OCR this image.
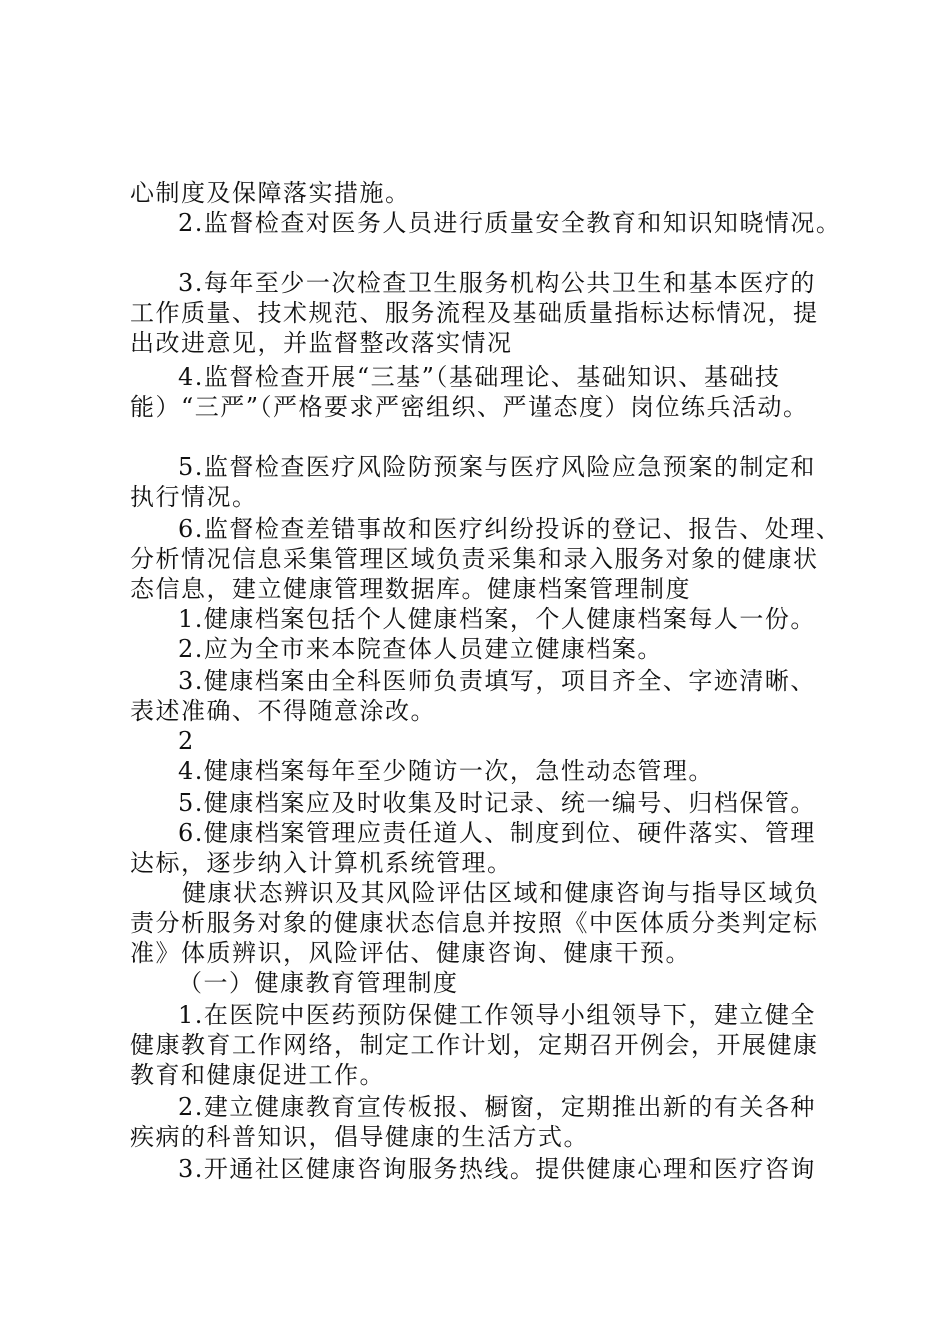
心制度及保障落实措施。
2.监督检查对医务人员进行质量安全教育和知识知晓情况。
3.每年至少一次检查卫生服务机构公共卫生和基本医疗的
工作质量、技术规范、服务流程及基础质量指标达标情况，提
出改进意见，并监督整改落实情况
4.监督检查开展“三基”（基础理论、基础知识、基础技
能）“三严”（严格要求严密组织、严谨态度）岗位练兵活动。
5.监督检查医疗风险防预案与医疗风险应急预案的制定和
执行情况。
6.监督检查差错事故和医疗纠纷投诉的登记、报告、处理、
分析情况信息采集管理区域负责采集和录入服务对象的健康状
态信息，建立健康管理数据库。健康档案管理制度
1.健康档案包括个人健康档案，个人健康档案每人一份。
2.应为全市来本院查体人员建立健康档案。
3.健康档案由全科医师负责填写，项目齐全、字迹清晰、
表述准确、不得随意涂改。
2
4.健康档案每年至少随访一次，急性动态管理。
5.健康档案应及时收集及时记录、统一编号、归档保管。
6.健康档案管理应责任道人、制度到位、硬件落实、管理
达标，逐步纳入计算机系统管理。
健康状态辨识及其风险评估区域和健康咨询与指导区域负
责分析服务对象的健康状态信息并按照《中医体质分类判定标
准》体质辨识，风险评估、健康咨询、健康干预。
（一）健康教育管理制度
1.在医院中医药预防保健工作领导小组领导下，建立健全
健康教育工作网络，制定工作计划，定期召开例会，开展健康
教育和健康促进工作。
2.建立健康教育宣传板报、橱窗，定期推出新的有关各种
疾病的科普知识，倡导健康的生活方式。
3.开通社区健康咨询服务热线。提供健康心理和医疗咨询
